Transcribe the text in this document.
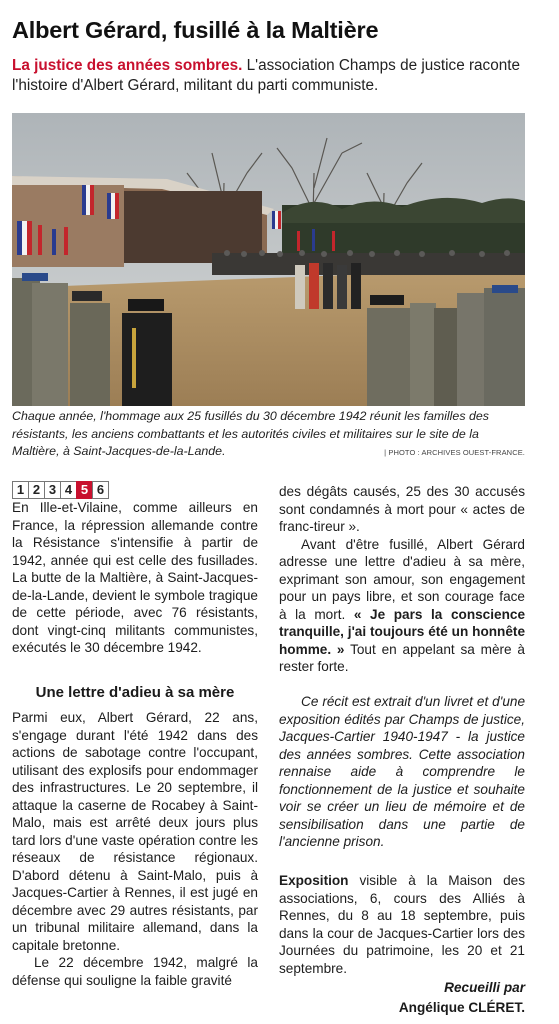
Albert Gérard, fusillé à la Maltière
La justice des années sombres. L'association Champs de justice raconte l'histoire d'Albert Gérard, militant du parti communiste.
Chaque année, l'hommage aux 25 fusillés du 30 décembre 1942 réunit les familles des résistants, les anciens combattants et les autorités civiles et militaires sur le site de la Maltière, à Saint-Jacques-de-la-Lande.	| PHOTO : ARCHIVES OUEST-FRANCE.
1 2 3 4 5 6

En Ille-et-Vilaine, comme ailleurs en France, la répression allemande contre la Résistance s'intensifie à partir de 1942, année qui est celle des fusillades. La butte de la Maltière, à Saint-Jacques-de-la-Lande, devient le symbole tragique de cette période, avec 76 résistants, dont vingt-cinq militants communistes, exécutés le 30 décembre 1942.

Une lettre d'adieu à sa mère

Parmi eux, Albert Gérard, 22 ans, s'engage durant l'été 1942 dans des actions de sabotage contre l'occupant, utilisant des explosifs pour endommager des infrastructures. Le 20 septembre, il attaque la caserne de Rocabey à Saint-Malo, mais est arrêté deux jours plus tard lors d'une vaste opération contre les réseaux de résistance régionaux. D'abord détenu à Saint-Malo, puis à Jacques-Cartier à Rennes, il est jugé en décembre avec 29 autres résistants, par un tribunal militaire allemand, dans la capitale bretonne.

Le 22 décembre 1942, malgré la défense qui souligne la faible gravité

des dégâts causés, 25 des 30 accusés sont condamnés à mort pour « actes de franc-tireur ».

Avant d'être fusillé, Albert Gérard adresse une lettre d'adieu à sa mère, exprimant son amour, son engagement pour un pays libre, et son courage face à la mort. « Je pars la conscience tranquille, j'ai toujours été un honnête homme. » Tout en appelant sa mère à rester forte.

Ce récit est extrait d'un livret et d'une exposition édités par Champs de justice, Jacques-Cartier 1940-1947 - la justice des années sombres. Cette association rennaise aide à comprendre le fonctionnement de la justice et souhaite voir se créer un lieu de mémoire et de sensibilisation dans une partie de l'ancienne prison.

Exposition visible à la Maison des associations, 6, cours des Alliés à Rennes, du 8 au 18 septembre, puis dans la cour de Jacques-Cartier lors des Journées du patrimoine, les 20 et 21 septembre.

Recueilli par
Angélique CLÉRET.
